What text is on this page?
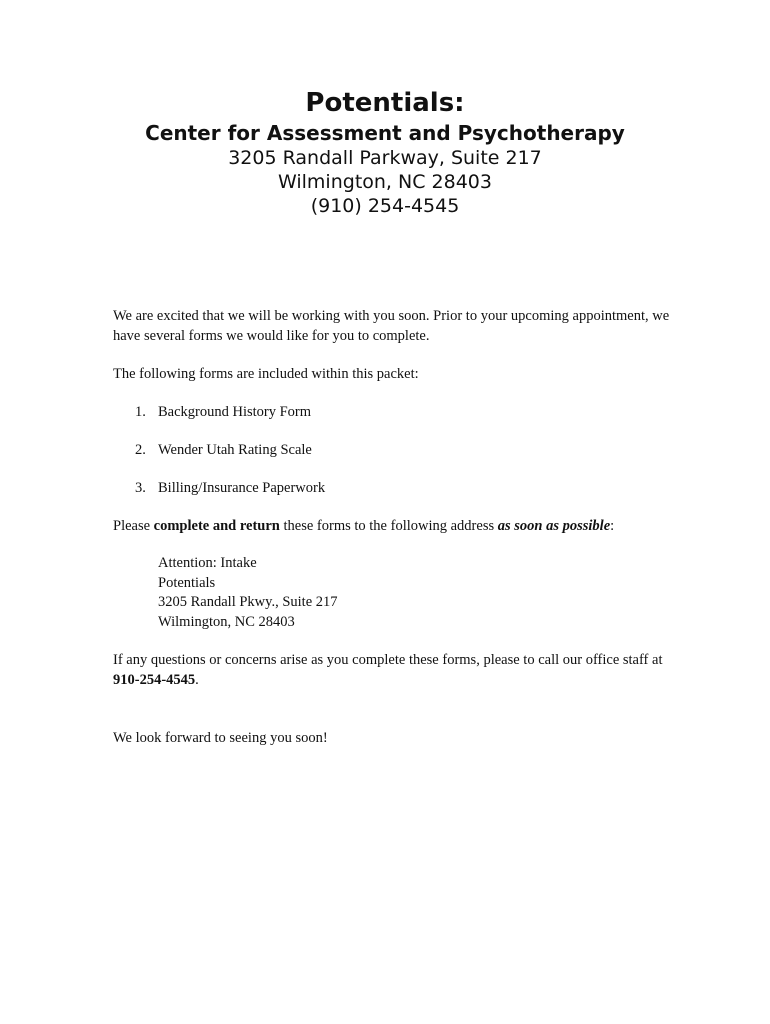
Potentials:

Center for Assessment and Psychotherapy

3205 Randall Parkway, Suite 217

Wilmington, NC 28403

(910) 254-4545

We are excited that we will be working with you soon. Prior to your upcoming appointment, we have several forms we would like for you to complete.

The following forms are included within this packet:

1. Background History Form
2. Wender Utah Rating Scale
3. Billing/Insurance Paperwork

Please complete and return these forms to the following address as soon as possible:

Attention: Intake
Potentials
3205 Randall Pkwy., Suite 217
Wilmington, NC 28403

If any questions or concerns arise as you complete these forms, please to call our office staff at 910-254-4545.

We look forward to seeing you soon!
